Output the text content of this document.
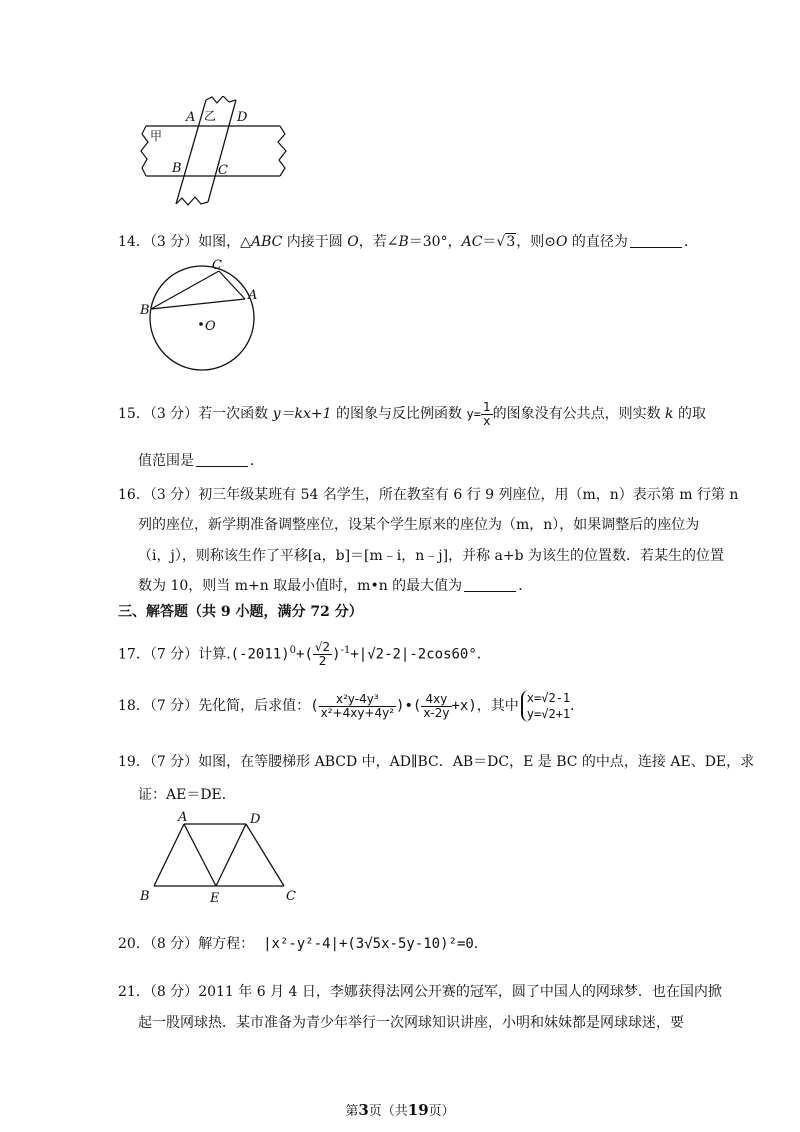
乙
甲
A	D
B	C
14．（3 分）如图，△ABC 内接于圆 O，若∠B＝30°，AC＝√3，则⊙O 的直径为	．
B
C
A
O
15．（3 分）若一次函数 y＝kx+1 的图象与反比例函数 $y= \frac{1}{x}$ 的图象没有公共点，则实数 k 的取
值范围是	．
16．（3 分）初三年级某班有 54 名学生，所在教室有 6 行 9 列座位，用（m，n）表示第 m 行第 n
列的座位，新学期准备调整座位，设某个学生原来的座位为（m，n），如果调整后的座位为
（i，j），则称该生作了平移[a，b]＝[m﹣i，n﹣j]，并称 a+b 为该生的位置数．若某生的位置
数为 10，则当 m+n 取最小值时，m•n 的最大值为	．
三、解答题（共 9 小题，满分 72 分）
17．（7 分）计算$.(-2011)^0+( \frac{√2}{2} )^{-1}+|√2-2|-2\cos 60^\circ$．
18．（7 分）先化简，后求值：( $\frac{\text{x²y-4y³}}{\text{x²+4xy+4y²}}$ )•( $\frac{4xy}{x-2y} +x$)，其中 x=√2-1
y=√2+1 ．
19．（7 分）如图，在等腰梯形 ABCD 中，AD∥BC．AB＝DC，E 是 BC 的中点，连接 AE、DE，求
证：AE＝DE．
A	D
B	E	C
20．（8 分）解方程： |x²-y²-4|+(3√5x-5y-10)²=0．
21．（8 分）2011 年 6 月 4 日，李娜获得法网公开赛的冠军，圆了中国人的网球梦．也在国内掀
起一股网球热．某市准备为青少年举行一次网球知识讲座，小明和妹妹都是网球球迷，要
第3页（共19页）
